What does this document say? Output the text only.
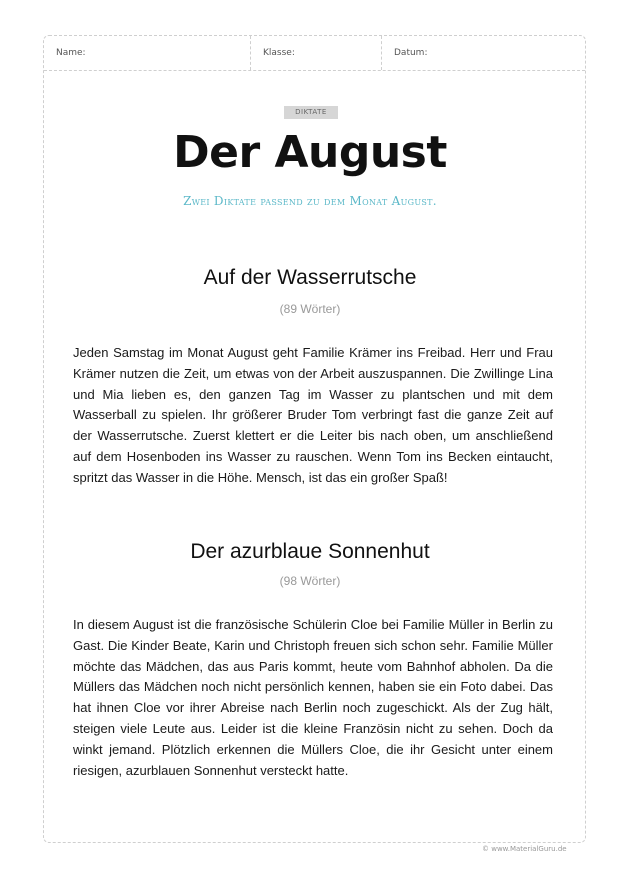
Name:	Klasse:	Datum:
DIKTATE
Der August
Zwei Diktate passend zu dem Monat August.
Auf der Wasserrutsche
(89 Wörter)
Jeden Samstag im Monat August geht Familie Krämer ins Freibad. Herr und Frau Krämer nutzen die Zeit, um etwas von der Arbeit auszuspannen. Die Zwillinge Lina und Mia lieben es, den ganzen Tag im Wasser zu plantschen und mit dem Wasserball zu spielen. Ihr größerer Bruder Tom verbringt fast die ganze Zeit auf der Wasserrutsche. Zuerst klettert er die Leiter bis nach oben, um anschließend auf dem Hosenboden ins Wasser zu rauschen. Wenn Tom ins Becken eintaucht, spritzt das Wasser in die Höhe. Mensch, ist das ein großer Spaß!
Der azurblaue Sonnenhut
(98 Wörter)
In diesem August ist die französische Schülerin Cloe bei Familie Müller in Berlin zu Gast. Die Kinder Beate, Karin und Christoph freuen sich schon sehr. Familie Müller möchte das Mädchen, das aus Paris kommt, heute vom Bahnhof abholen. Da die Müllers das Mädchen noch nicht persönlich kennen, haben sie ein Foto dabei. Das hat ihnen Cloe vor ihrer Abreise nach Berlin noch zugeschickt. Als der Zug hält, steigen viele Leute aus. Leider ist die kleine Französin nicht zu sehen. Doch da winkt jemand. Plötzlich erkennen die Müllers Cloe, die ihr Gesicht unter einem riesigen, azurblauen Sonnenhut versteckt hatte.
© www.MaterialGuru.de
